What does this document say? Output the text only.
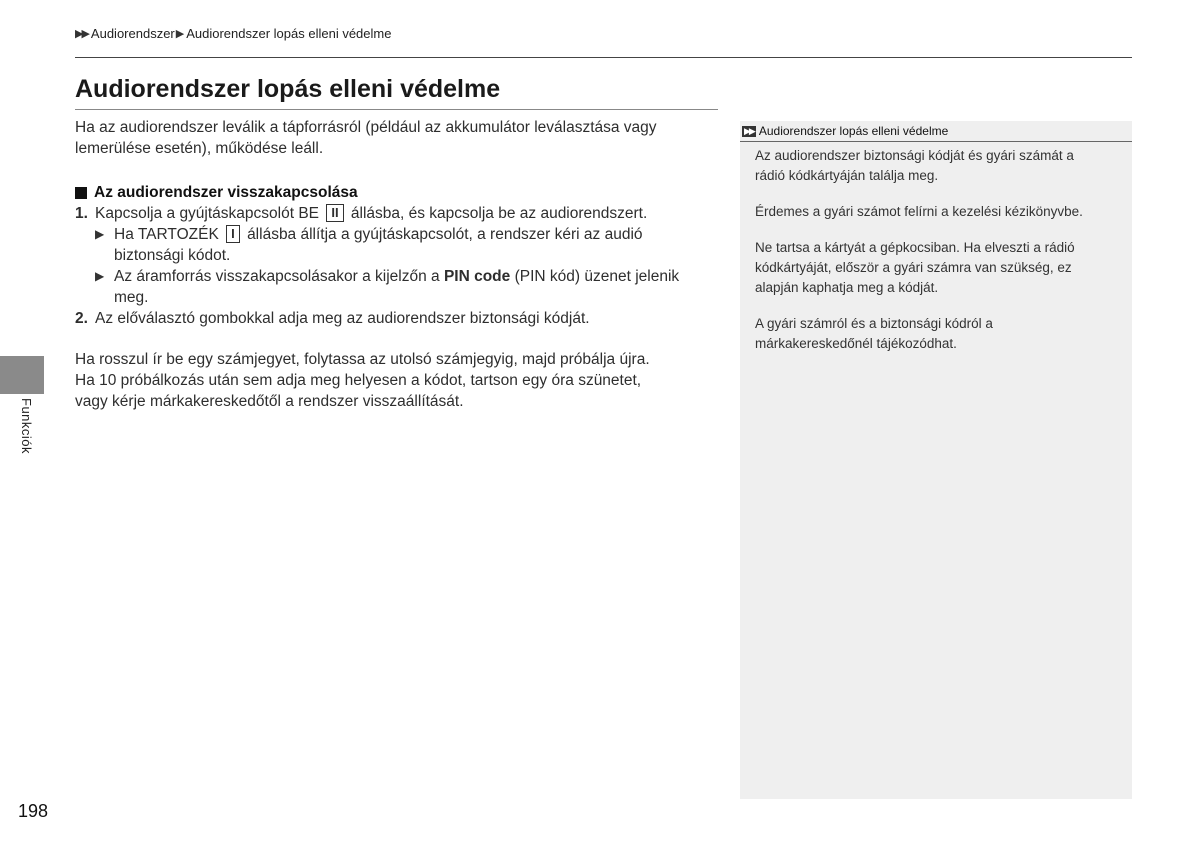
▶▶ Audiorendszer ▶ Audiorendszer lopás elleni védelme
Audiorendszer lopás elleni védelme

Ha az audiorendszer leválik a tápforrásról (például az akkumulátor leválasztása vagy
lemerülése esetén), működése leáll.

Az audiorendszer visszakapcsolása
1. Kapcsolja a gyújtáskapcsolót BE II állásba, és kapcsolja be az audiorendszert.
▶ Ha TARTOZÉK I állásba állítja a gyújtáskapcsolót, a rendszer kéri az audió
biztonsági kódot.
▶ Az áramforrás visszakapcsolásakor a kijelzőn a PIN code (PIN kód) üzenet jelenik
meg.
2. Az előválasztó gombokkal adja meg az audiorendszer biztonsági kódját.

Ha rosszul ír be egy számjegyet, folytassa az utolsó számjegyig, majd próbálja újra.
Ha 10 próbálkozás után sem adja meg helyesen a kódot, tartson egy óra szünetet,
vagy kérje márkakereskedőtől a rendszer visszaállítását.

Funkciók
▶▶ Audiorendszer lopás elleni védelme

Az audiorendszer biztonsági kódját és gyári számát a
rádió kódkártyáján találja meg.

Érdemes a gyári számot felírni a kezelési kézikönyvbe.

Ne tartsa a kártyát a gépkocsiban. Ha elveszti a rádió
kódkártyáját, először a gyári számra van szükség, ez
alapján kaphatja meg a kódját.

A gyári számról és a biztonsági kódról a
márkakereskedőnél tájékozódhat.

198
